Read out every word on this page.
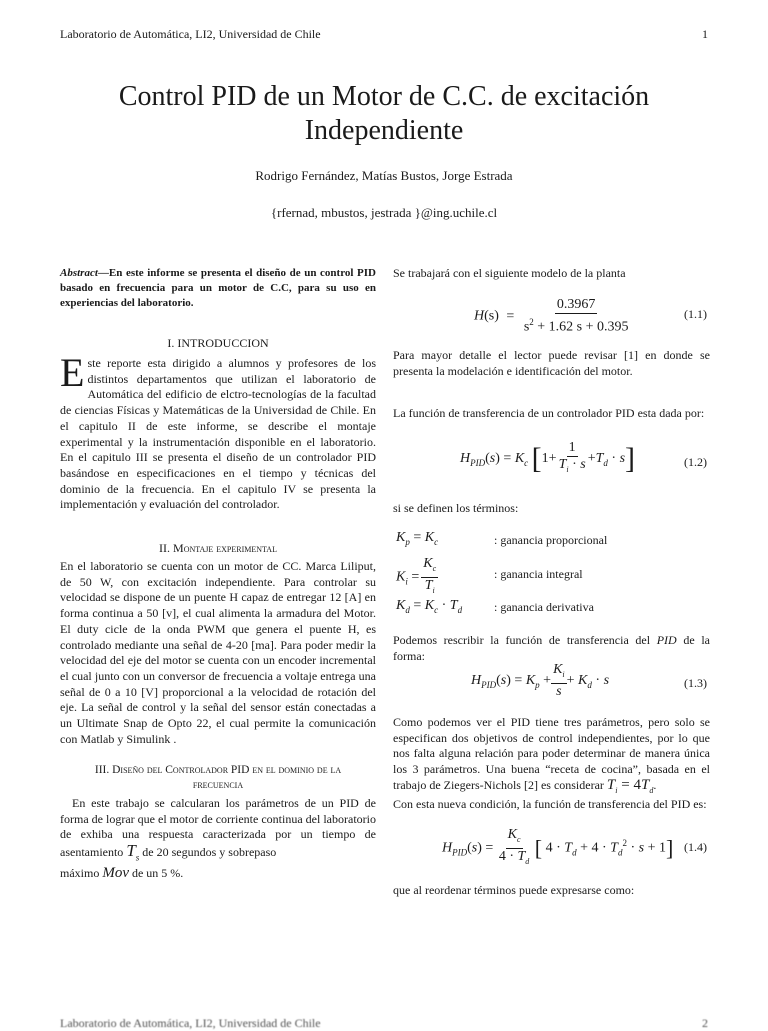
Laboratorio de Automática, LI2, Universidad de Chile	1
Control PID de un Motor de C.C. de excitación
Independiente
Rodrigo Fernández, Matías Bustos, Jorge Estrada
{rfernad, mbustos, jestrada }@ing.uchile.cl
Abstract—En este informe se presenta el diseño de un control PID basado en frecuencia para un motor de C.C, para su uso en experiencias del laboratorio.
I. INTRODUCCION
Este reporte esta dirigido a alumnos y profesores de los distintos departamentos que utilizan el laboratorio de Automática del edificio de elctro-tecnologías de la facultad de ciencias Físicas y Matemáticas de la Universidad de Chile. En el capitulo II de este informe, se describe el montaje experimental y la instrumentación disponible en el laboratorio. En el capitulo III se presenta el diseño de un controlador PID basándose en especificaciones en el tiempo y técnicas del dominio de la frecuencia. En el capitulo IV se presenta la implementación y evaluación del controlador.
II. Montaje experimental
En el laboratorio se cuenta con un motor de CC. Marca Liliput, de 50 W, con excitación independiente. Para controlar su velocidad se dispone de un puente H capaz de entregar 12 [A] en forma continua a 50 [v], el cual alimenta la armadura del Motor. El duty cicle de la onda PWM que genera el puente H, es controlado mediante una señal de 4-20 [ma]. Para poder medir la velocidad del eje del motor se cuenta con un encoder incremental el cual junto con un conversor de frecuencia a voltaje entrega una señal de 0 a 10 [V] proporcional a la velocidad de rotación del eje. La señal de control y la señal del sensor están conectadas a un Ultimate Snap de Opto 22, el cual permite la comunicación con Matlab y Simulink .
III. Diseño del Controlador PID en el dominio de la
frecuencia
En este trabajo se calcularan los parámetros de un PID de forma de lograr que el motor de corriente continua del laboratorio de exhiba una respuesta caracterizada por un tiempo de asentamiento $T_s$ de 20 segundos y sobrepaso
máximo Mov de un 5 %.
Se trabajará con el siguiente modelo de la planta
$H(s) = \frac{0.3967}{s^2 + 1.62 s + 0.395}$	(1.1)
Para mayor detalle el lector puede revisar [1] en donde se presenta la modelación e identificación del motor.
La función de transferencia de un controlador PID esta dada por:
$H_{PID}(s) = K_c$ $[1+ \frac{1}{T_i \cdot s} +T_d \cdot s]$	(1.2)
si se definen los términos:
$K_p = K_c$	: ganancia proporcional
$K_i = \frac{K_c}{T_i}$	: ganancia integral
$K_d = K_c \cdot T_d$	: ganancia derivativa
Podemos rescribir la función de transferencia del PID de la forma:
$H_{PID}(s) = K_p + \frac{K_i}{s} + K_d \cdot s$	(1.3)
Como podemos ver el PID tiene tres parámetros, pero solo se especifican dos objetivos de control independientes, por lo que nos falta alguna relación para poder determinar de manera única los 3 parámetros. Una buena “receta de cocina”, basada en el trabajo de Ziegers-Nichols [2] es considerar $T_i = 4T_d$.
Con esta nueva condición, la función de transferencia del PID es:
$H_{PID}(s) = \frac{K_c}{4 \cdot T_d}$ [ $4 \cdot T_d + 4 \cdot T_d^2 \cdot s + 1$] (1.4)
que al reordenar términos puede expresarse como:
Laboratorio de Automática, LI2, Universidad de Chile	2
